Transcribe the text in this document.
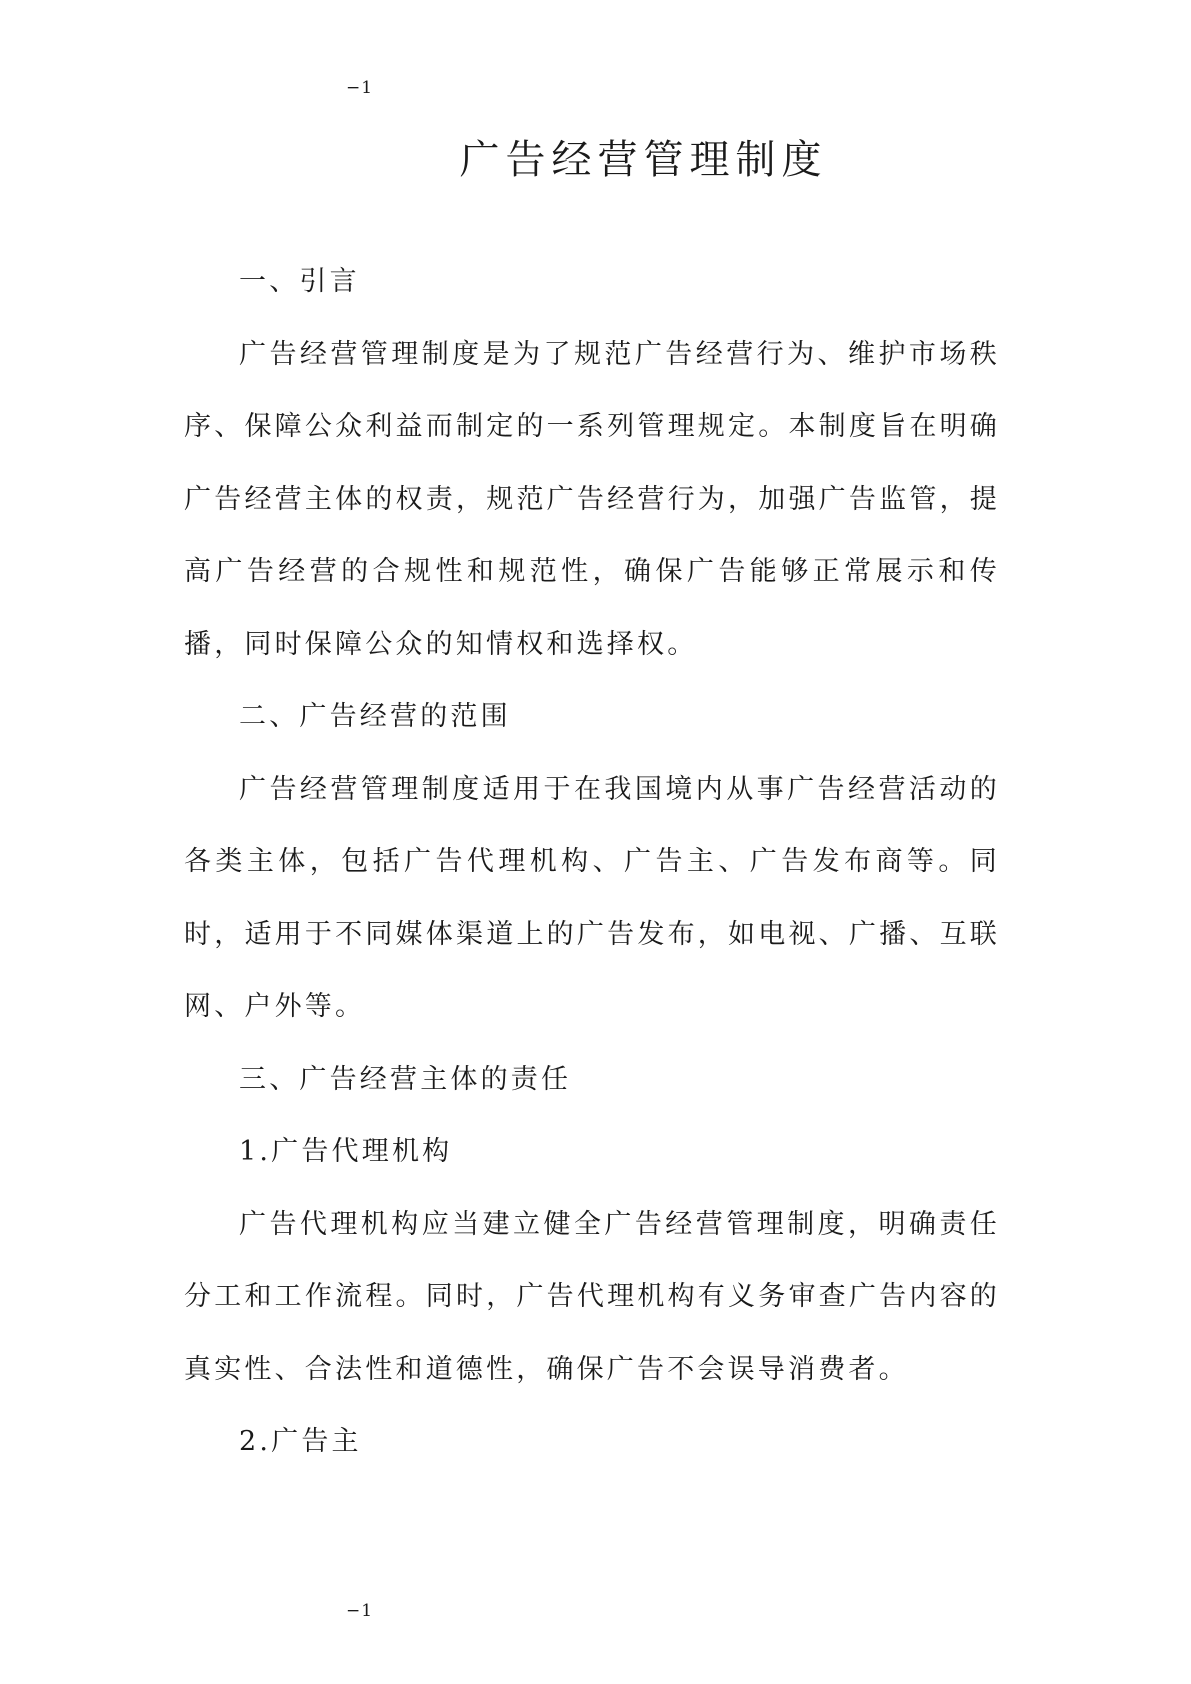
−1
广告经营管理制度

一、引言

广告经营管理制度是为了规范广告经营行为、维护市场秩序、保障公众利益而制定的一系列管理规定。本制度旨在明确广告经营主体的权责，规范广告经营行为，加强广告监管，提高广告经营的合规性和规范性，确保广告能够正常展示和传播，同时保障公众的知情权和选择权。

二、广告经营的范围

广告经营管理制度适用于在我国境内从事广告经营活动的各类主体，包括广告代理机构、广告主、广告发布商等。同时，适用于不同媒体渠道上的广告发布，如电视、广播、互联网、户外等。

三、广告经营主体的责任

1.广告代理机构

广告代理机构应当建立健全广告经营管理制度，明确责任分工和工作流程。同时，广告代理机构有义务审查广告内容的真实性、合法性和道德性，确保广告不会误导消费者。

2.广告主

−1
